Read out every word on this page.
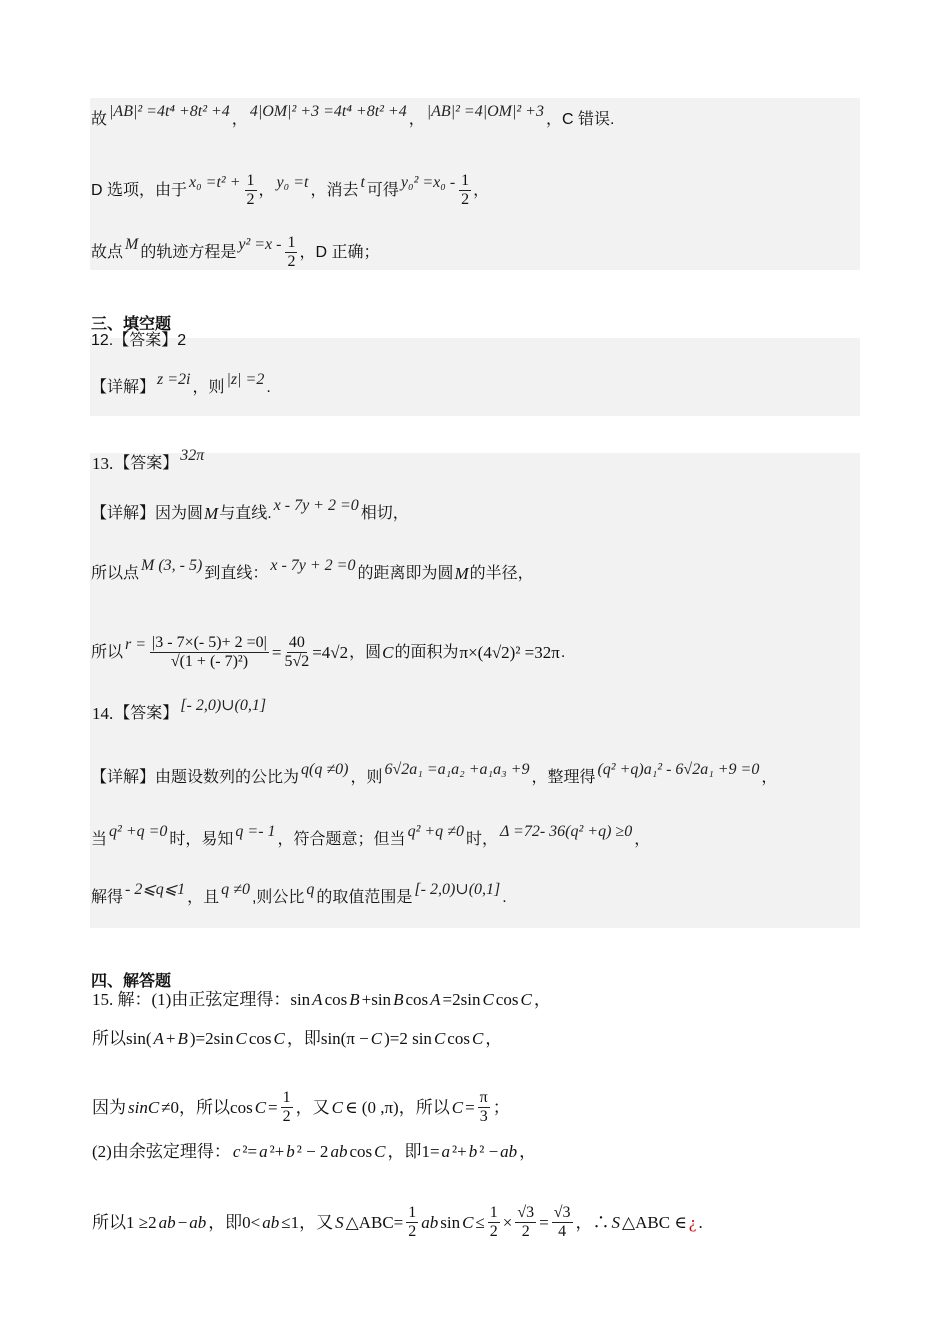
三、填空题
四、解答题
故 |AB|² =4t⁴ +8t² +4 ， 4|OM|² +3 =4t⁴ +8t² +4 ， |AB|² =4|OM|² +3 ，C 错误.
D 选项，由于 $x_0 =t^2 + \frac{1}{2}$ ， y₀ =t ，消去 t 可得 $y_0^2 =x_0 - \frac{1}{2}$ ，
故点 M 的轨迹方程是 $y^2 =x - \frac{1}{2}$ ，D 正确；
12.【答案】2
【详解】 z =2i ，则 |z| =2 .
13. 【答案】 32π
【详解】因为圆 M 与直线. x - 7y + 2 =0 相切，
所以点 M (3, - 5) 到直线： x - 7y + 2 =0 的距离即为圆 M 的半径，
所以 $r = \frac{|3 - 7\times(- 5)+ 2 =0|}{\text{√(1 + (- 7)²)}} = \frac{40}{5√2} =4√2$ ，圆 C 的面积为 π×(4√2)² =32π .
14. 【答案】 [- 2,0)∪(0,1]
【详解】由题设数列的公比为 q(q ≠0) ，则 6√2a₁ =a₁a₂ +a₁a₃ +9 ，整理得 (q² +q)a₁² - 6√2a₁ +9 =0 ，
当 q² +q =0 时，易知 q =- 1 ，符合题意；但当 q² +q ≠0 时， Δ =72- 36(q² +q) ≥0 ，
解得 - 2⩽q⩽1 ，且 q ≠0 ,则公比 q 的取值范围是 [- 2,0)∪(0,1] .
15. 解：(1)由正弦定理得：sin A cos B +sin B cos A =2sin C cos C ，
所以sin( A + B )=2sin C cos C ，即sin(π − C )=2 sin C cos C ，
因为 sinC ≠0，所以$\cos C = \frac{1}{2}$ ，又 C ∈ (0 ,π)，所以 $C = \frac{\pi}{3}$ ；
(2)由余弦定理得： c ²= a ²+ b ² − 2 ab cos C ，即1= a ²+ b ² − ab ，
所以1 ≥2 ab − ab ，即0< ab ≤1，又 S △ABC= $\frac{1}{2}$ ab $\sin C \le \frac{1}{2} \times \frac{√3}{2} = \frac{√3}{4}$ ，∴ S △ABC ∈ ¿ .
